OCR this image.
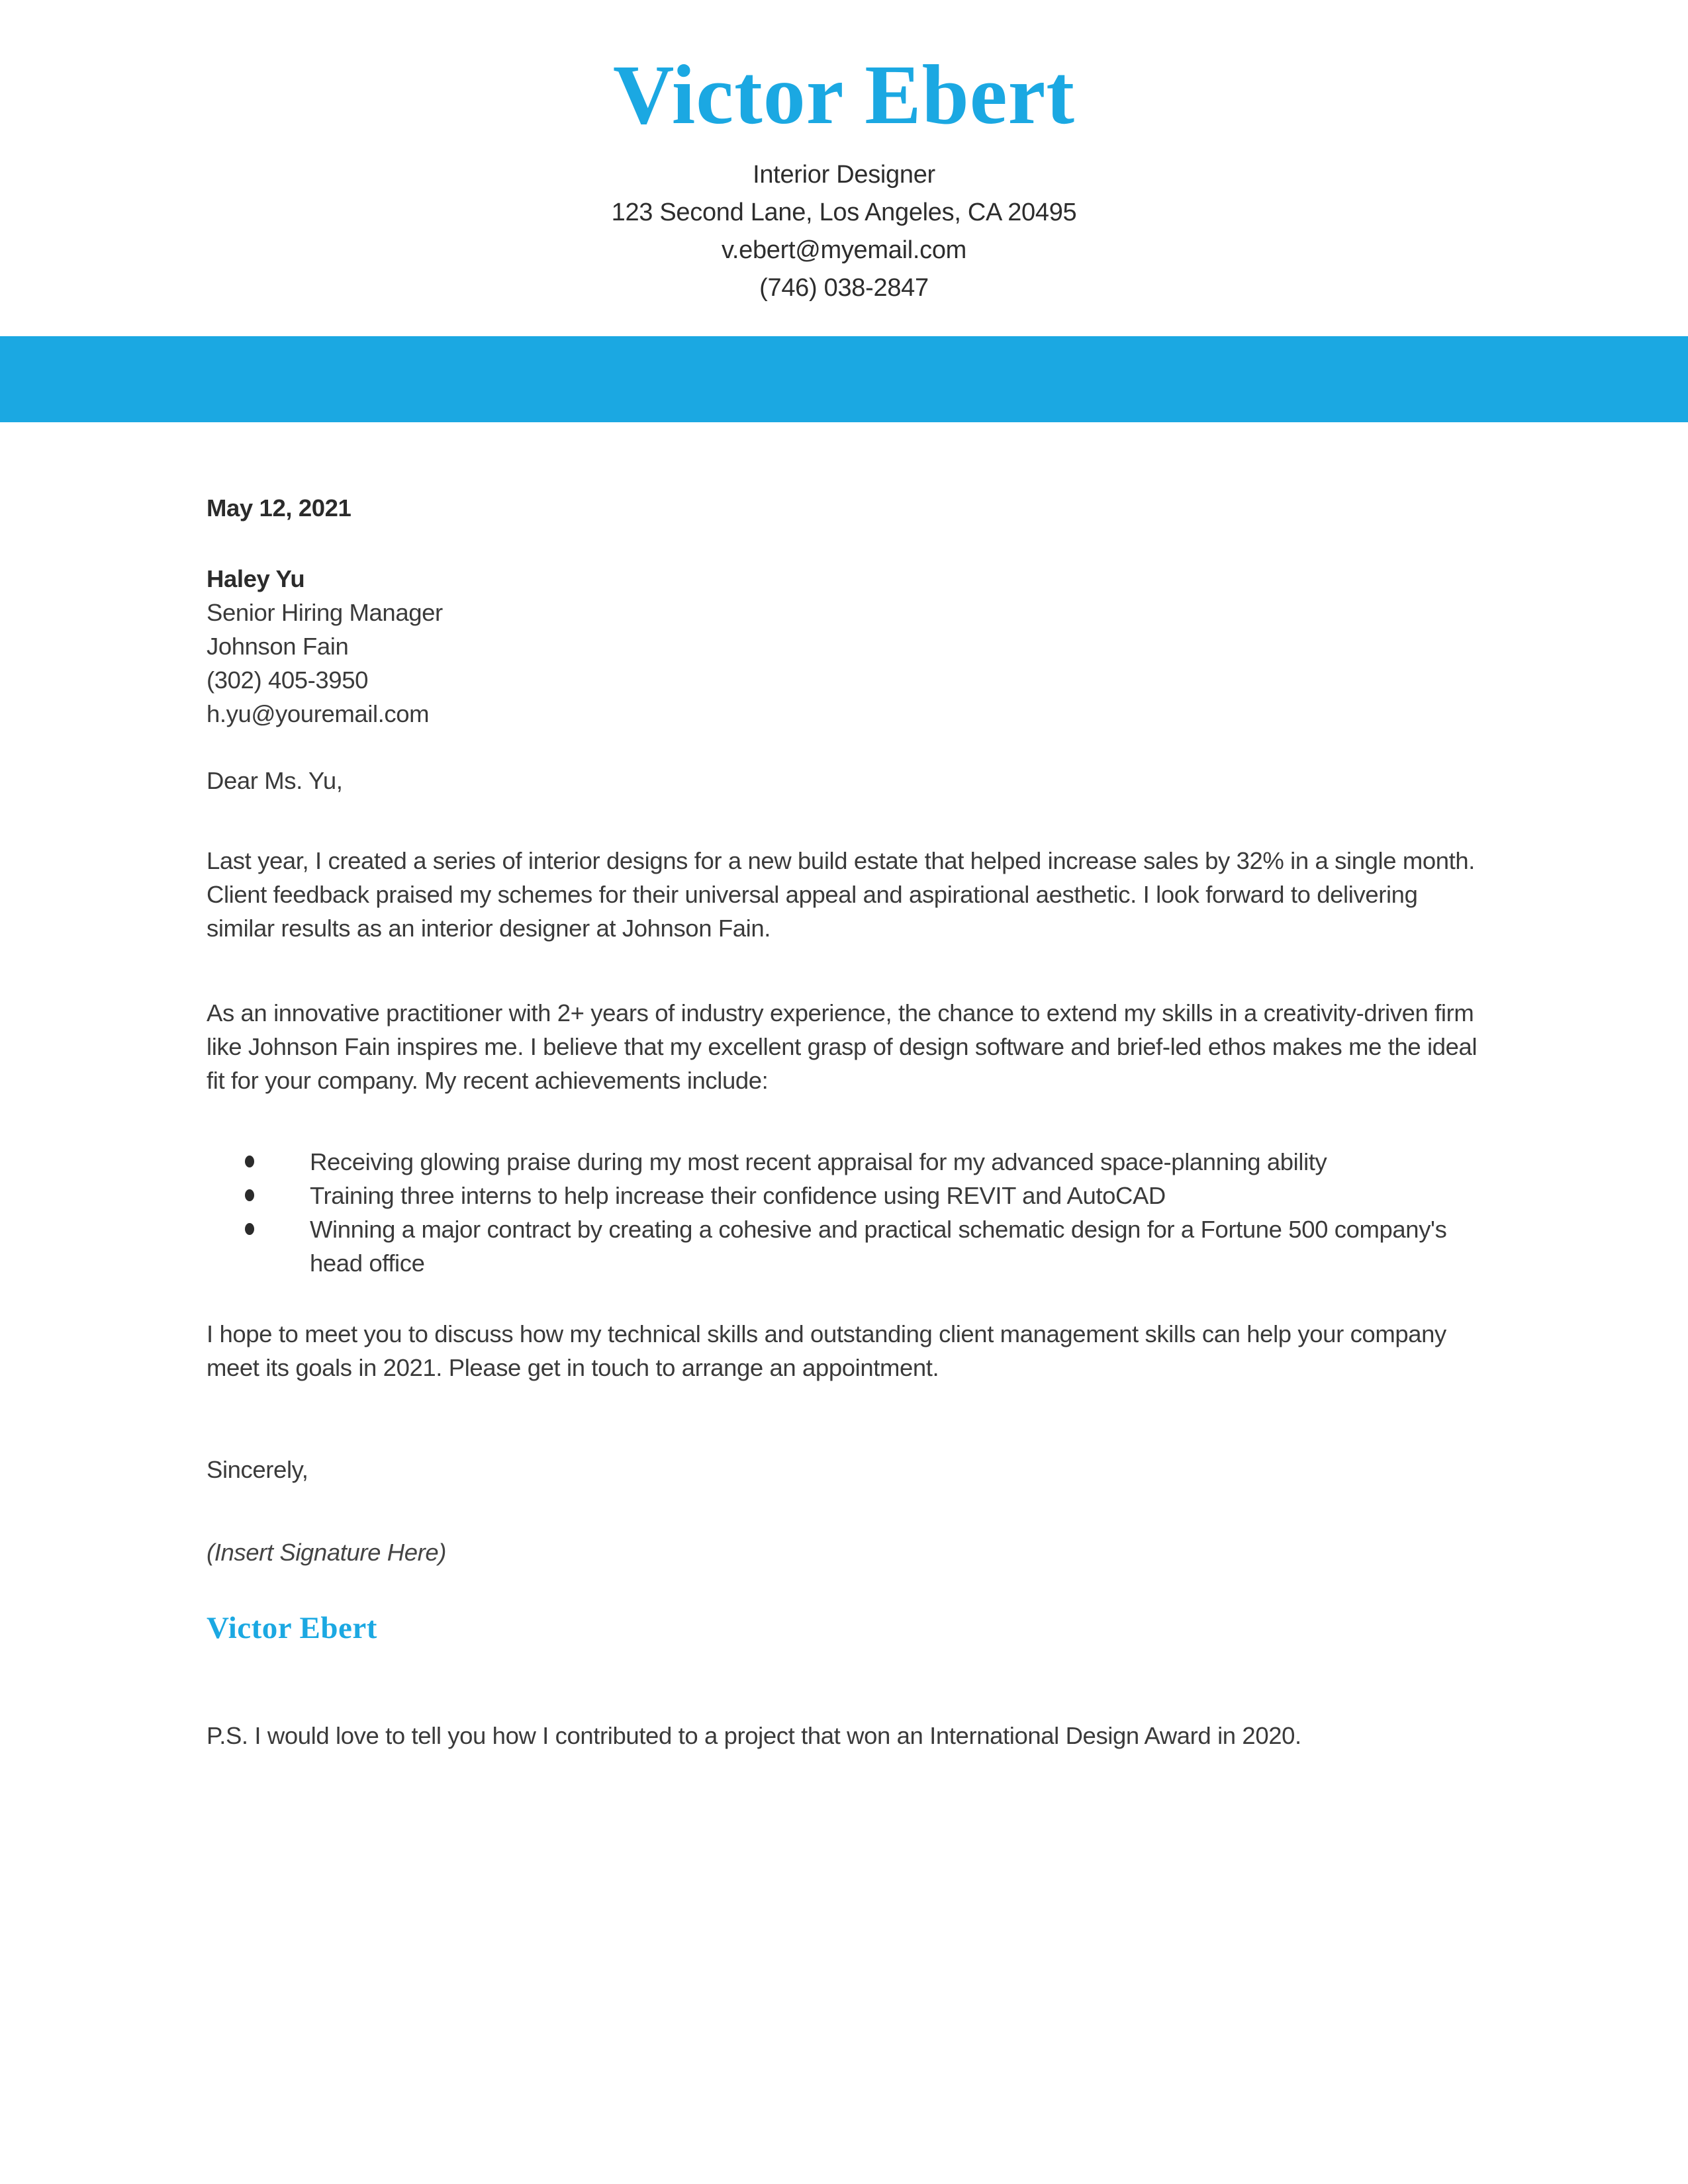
Victor Ebert
Interior Designer
123 Second Lane, Los Angeles, CA 20495
v.ebert@myemail.com
(746) 038-2847
May 12, 2021
Haley Yu
Senior Hiring Manager
Johnson Fain
(302) 405-3950
h.yu@youremail.com
Dear Ms. Yu,
Last year, I created a series of interior designs for a new build estate that helped increase sales by 32% in a single month. Client feedback praised my schemes for their universal appeal and aspirational aesthetic. I look forward to delivering similar results as an interior designer at Johnson Fain.
As an innovative practitioner with 2+ years of industry experience, the chance to extend my skills in a creativity-driven firm like Johnson Fain inspires me. I believe that my excellent grasp of design software and brief-led ethos makes me the ideal fit for your company. My recent achievements include:
Receiving glowing praise during my most recent appraisal for my advanced space-planning ability
Training three interns to help increase their confidence using REVIT and AutoCAD
Winning a major contract by creating a cohesive and practical schematic design for a Fortune 500 company's head office
I hope to meet you to discuss how my technical skills and outstanding client management skills can help your company meet its goals in 2021. Please get in touch to arrange an appointment.
Sincerely,
(Insert Signature Here)
Victor Ebert
P.S. I would love to tell you how I contributed to a project that won an International Design Award in 2020.
